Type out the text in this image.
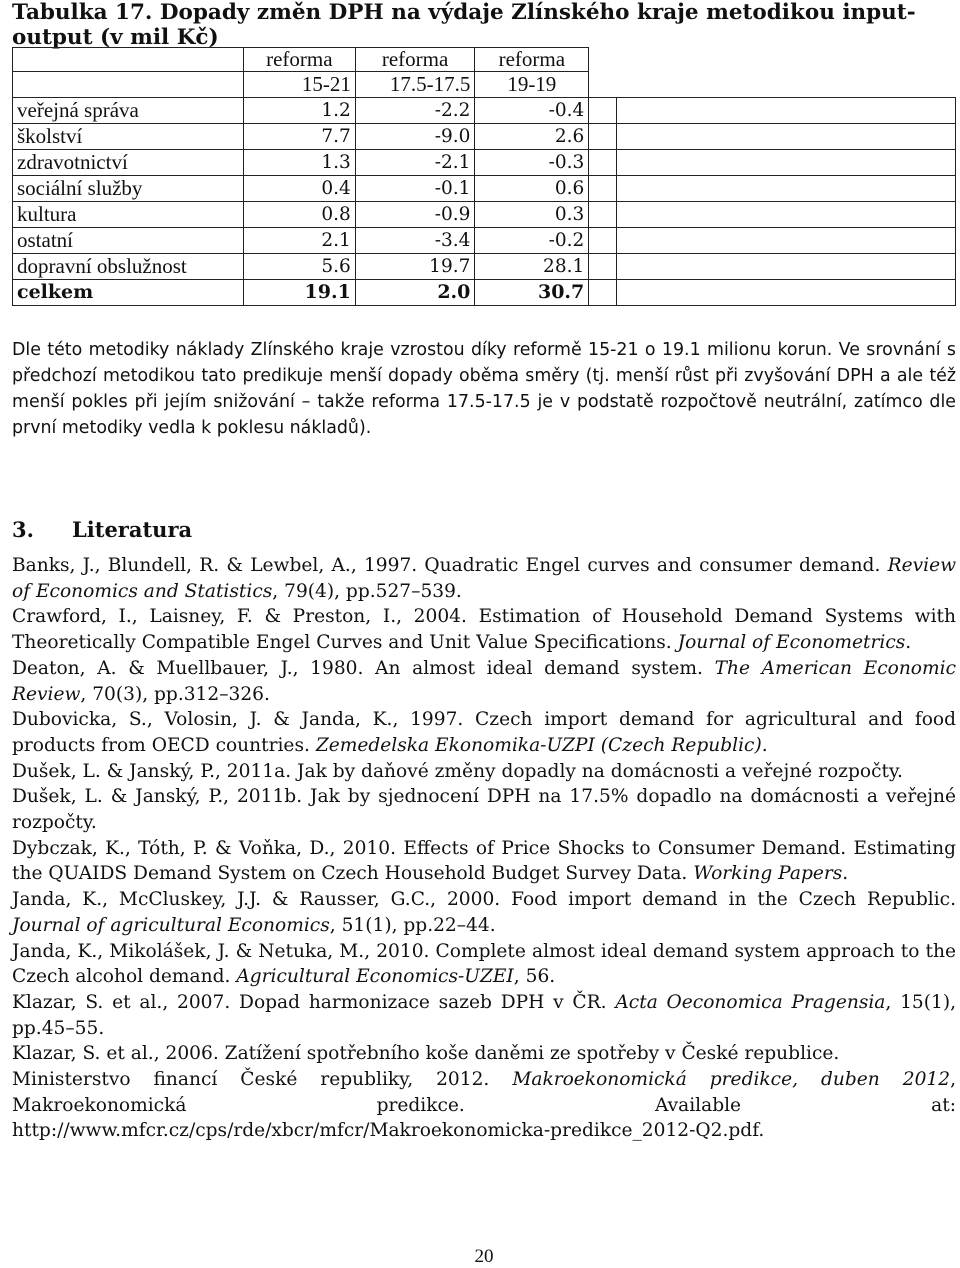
Tabulka 17. Dopady změn DPH na výdaje Zlínského kraje metodikou input-output (v mil Kč)
	reforma	reforma	reforma		
	15-21	17.5-17.5	19-19		
veřejná správa	1.2	-2.2	-0.4		
školství	7.7	-9.0	2.6		
zdravotnictví	1.3	-2.1	-0.3		
sociální služby	0.4	-0.1	0.6		
kultura	0.8	-0.9	0.3		
ostatní	2.1	-3.4	-0.2		
dopravní obslužnost	5.6	19.7	28.1		
celkem	19.1	2.0	30.7		

Dle této metodiky náklady Zlínského kraje vzrostou díky reformě 15-21 o 19.1 milionu korun. Ve srovnání s předchozí metodikou tato predikuje menší dopady oběma směry (tj. menší růst při zvyšování DPH a ale též menší pokles při jejím snižování – takže reforma 17.5-17.5 je v podstatě rozpočtově neutrální, zatímco dle první metodiky vedla k poklesu nákladů).

3. Literatura
Banks, J., Blundell, R. & Lewbel, A., 1997. Quadratic Engel curves and consumer demand. Review of Economics and Statistics, 79(4), pp.527–539.
Crawford, I., Laisney, F. & Preston, I., 2004. Estimation of Household Demand Systems with Theoretically Compatible Engel Curves and Unit Value Specifications. Journal of Econometrics.
Deaton, A. & Muellbauer, J., 1980. An almost ideal demand system. The American Economic Review, 70(3), pp.312–326.
Dubovicka, S., Volosin, J. & Janda, K., 1997. Czech import demand for agricultural and food products from OECD countries. Zemedelska Ekonomika-UZPI (Czech Republic).
Dušek, L. & Janský, P., 2011a. Jak by daňové změny dopadly na domácnosti a veřejné rozpočty.
Dušek, L. & Janský, P., 2011b. Jak by sjednocení DPH na 17.5% dopadlo na domácnosti a veřejné rozpočty.
Dybczak, K., Tóth, P. & Voňka, D., 2010. Effects of Price Shocks to Consumer Demand. Estimating the QUAIDS Demand System on Czech Household Budget Survey Data. Working Papers.
Janda, K., McCluskey, J.J. & Rausser, G.C., 2000. Food import demand in the Czech Republic. Journal of agricultural Economics, 51(1), pp.22–44.
Janda, K., Mikolášek, J. & Netuka, M., 2010. Complete almost ideal demand system approach to the Czech alcohol demand. Agricultural Economics-UZEI, 56.
Klazar, S. et al., 2007. Dopad harmonizace sazeb DPH v ČR. Acta Oeconomica Pragensia, 15(1), pp.45–55.
Klazar, S. et al., 2006. Zatížení spotřebního koše daněmi ze spotřeby v České republice.
Ministerstvo financí České republiky, 2012. Makroekonomická predikce, duben 2012, Makroekonomická predikce. Available at:
http://www.mfcr.cz/cps/rde/xbcr/mfcr/Makroekonomicka-predikce_2012-Q2.pdf.
20
